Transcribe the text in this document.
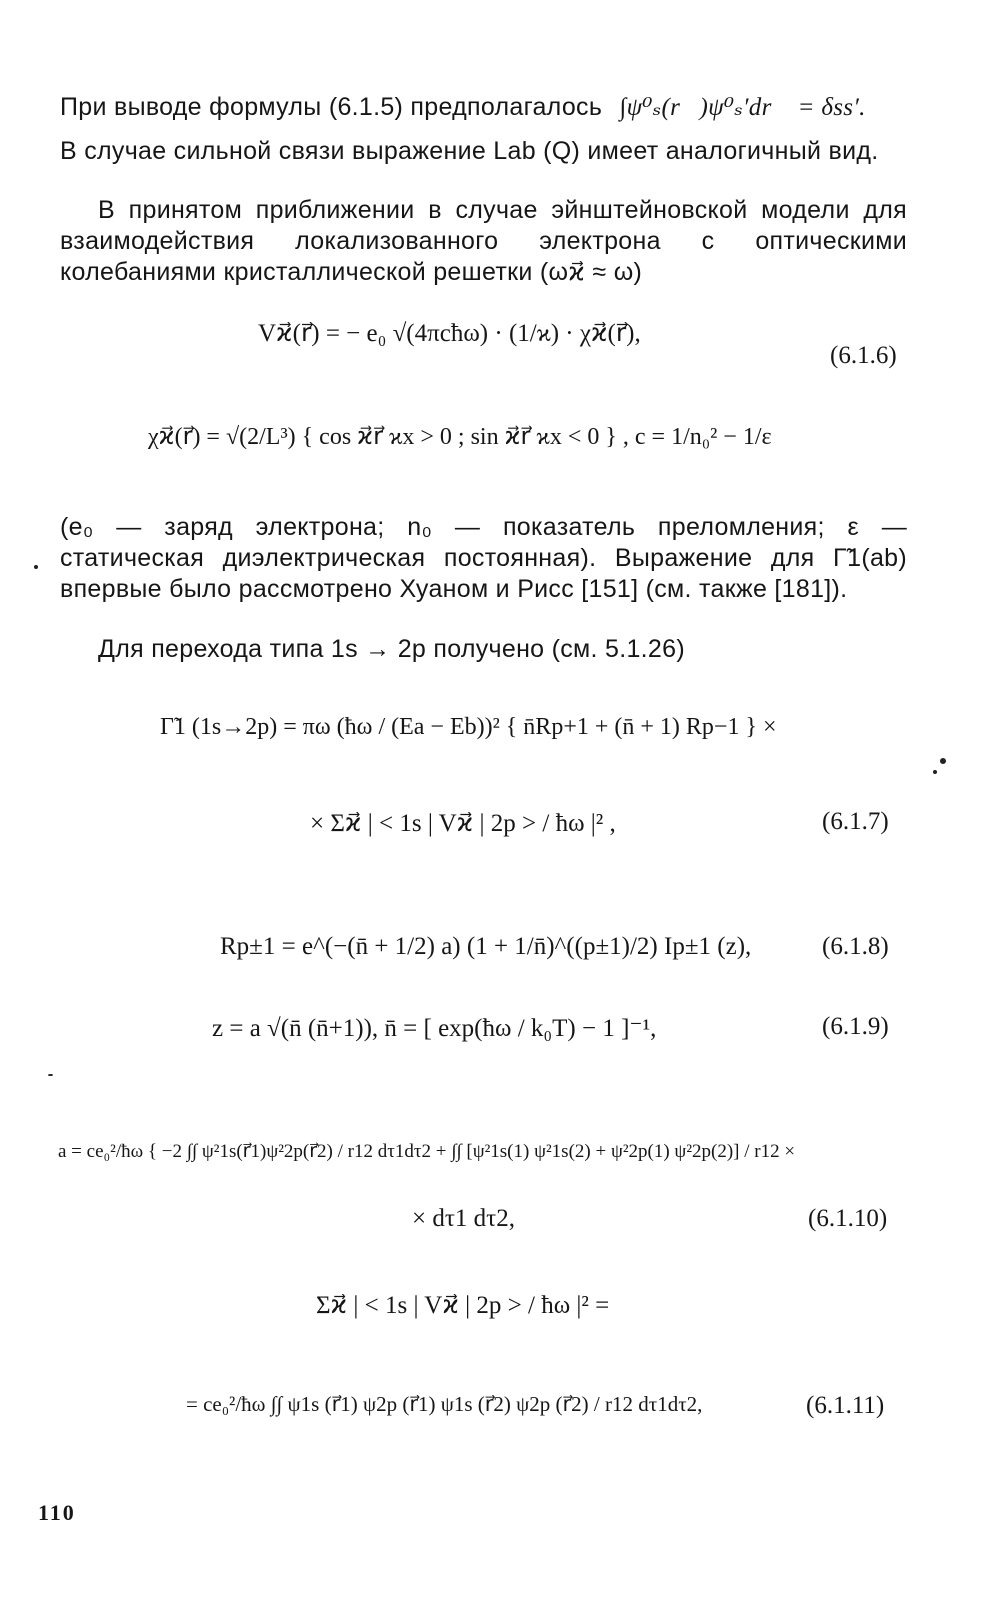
При выводе формулы (6.1.5) предполагалось ∫ψ⁰ₛ(r⃗)ψ⁰ₛ′dr⃗ = δss′.
В случае сильной связи выражение Lab (Q) имеет аналогичный вид.
В принятом приближении в случае эйнштейновской модели для взаимодействия локализованного электрона с оптическими колебаниями кристаллической решетки (ωϰ⃗ ≈ ω)
Vϰ⃗(r⃗) = − e₀ √(4πcħω) · (1/ϰ) · χϰ⃗(r⃗),
(6.1.6)
χϰ⃗(r⃗) = √(2/L³) { cos ϰ⃗r⃗ ϰx > 0 ; sin ϰ⃗r⃗ ϰx < 0 } , c = 1/n₀² − 1/ε
(e₀ — заряд электрона; n₀ — показатель преломления; ε — статическая диэлектрическая постоянная). Выражение для Γ̃1(ab) впервые было рассмотрено Хуаном и Рисс [151] (см. также [181]).
Для перехода типа 1s → 2p получено (см. 5.1.26)
Γ̃1 (1s→2p) = πω (ħω / (Ea − Eb))² { n̄Rp+1 + (n̄ + 1) Rp−1 } ×
× Σϰ⃗ | < 1s | Vϰ⃗ | 2p > / ħω |² ,	(6.1.7)
Rp±1 = e^(−(n̄ + 1/2) a) (1 + 1/n̄)^((p±1)/2) Ip±1 (z),	(6.1.8)
z = a √(n̄ (n̄+1)), n̄ = [ exp(ħω / k₀T) − 1 ]⁻¹,	(6.1.9)
a = ce₀²/ħω { −2 ∫∫ ψ²1s(r⃗1)ψ²2p(r⃗2) / r12 dτ1dτ2 + ∫∫ [ψ²1s(1) ψ²1s(2) + ψ²2p(1) ψ²2p(2)] / r12 ×
× dτ1 dτ2,	(6.1.10)
Σϰ⃗ | < 1s | Vϰ⃗ | 2p > / ħω |² =
= ce₀²/ħω ∫∫ ψ1s (r⃗1) ψ2p (r⃗1) ψ1s (r⃗2) ψ2p (r⃗2) / r12 dτ1dτ2,	(6.1.11)
110
